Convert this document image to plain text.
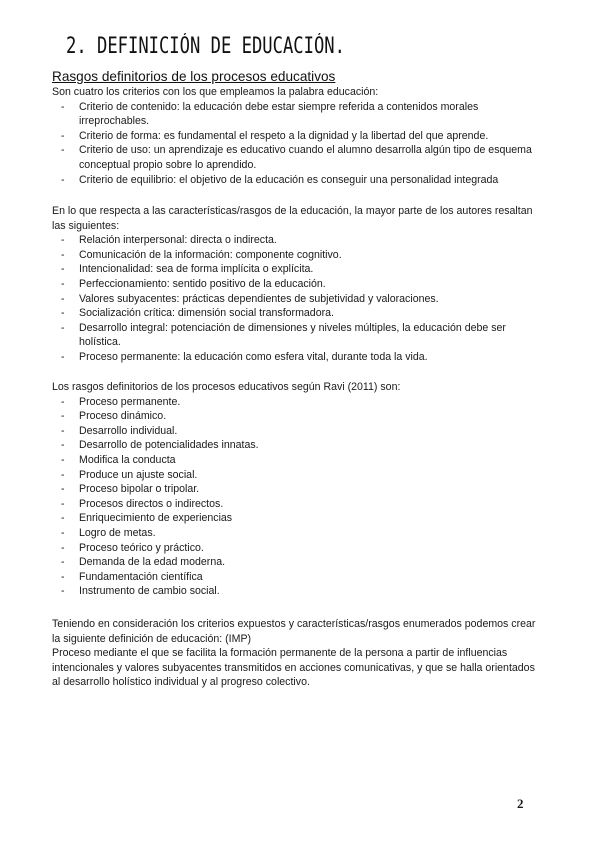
2. DEFINICIÓN DE EDUCACIÓN.
Rasgos definitorios de los procesos educativos

Son cuatro los criterios con los que empleamos la palabra educación:

- Criterio de contenido: la educación debe estar siempre referida a contenidos morales irreprochables.
- Criterio de forma: es fundamental el respeto a la dignidad y la libertad del que aprende.
- Criterio de uso: un aprendizaje es educativo cuando el alumno desarrolla algún tipo de esquema conceptual propio sobre lo aprendido.
- Criterio de equilibrio: el objetivo de la educación es conseguir una personalidad integrada

En lo que respecta a las características/rasgos de la educación, la mayor parte de los autores resaltan las siguientes:

- Relación interpersonal: directa o indirecta.
- Comunicación de la información: componente cognitivo.
- Intencionalidad: sea de forma implícita o explícita.
- Perfeccionamiento: sentido positivo de la educación.
- Valores subyacentes: prácticas dependientes de subjetividad y valoraciones.
- Socialización crítica: dimensión social transformadora.
- Desarrollo integral: potenciación de dimensiones y niveles múltiples, la educación debe ser holística.
- Proceso permanente: la educación como esfera vital, durante toda la vida.

Los rasgos definitorios de los procesos educativos según Ravi (2011) son:

- Proceso permanente.
- Proceso dinámico.
- Desarrollo individual.
- Desarrollo de potencialidades innatas.
- Modifica la conducta
- Produce un ajuste social.
- Proceso bipolar o tripolar.
- Procesos directos o indirectos.
- Enriquecimiento de experiencias
- Logro de metas.
- Proceso teórico y práctico.
- Demanda de la edad moderna.
- Fundamentación científica
- Instrumento de cambio social.

Teniendo en consideración los criterios expuestos y características/rasgos enumerados podemos crear la siguiente definición de educación: (IMP)

Proceso mediante el que se facilita la formación permanente de la persona a partir de influencias intencionales y valores subyacentes transmitidos en acciones comunicativas, y que se halla orientados al desarrollo holístico individual y al progreso colectivo.

2
